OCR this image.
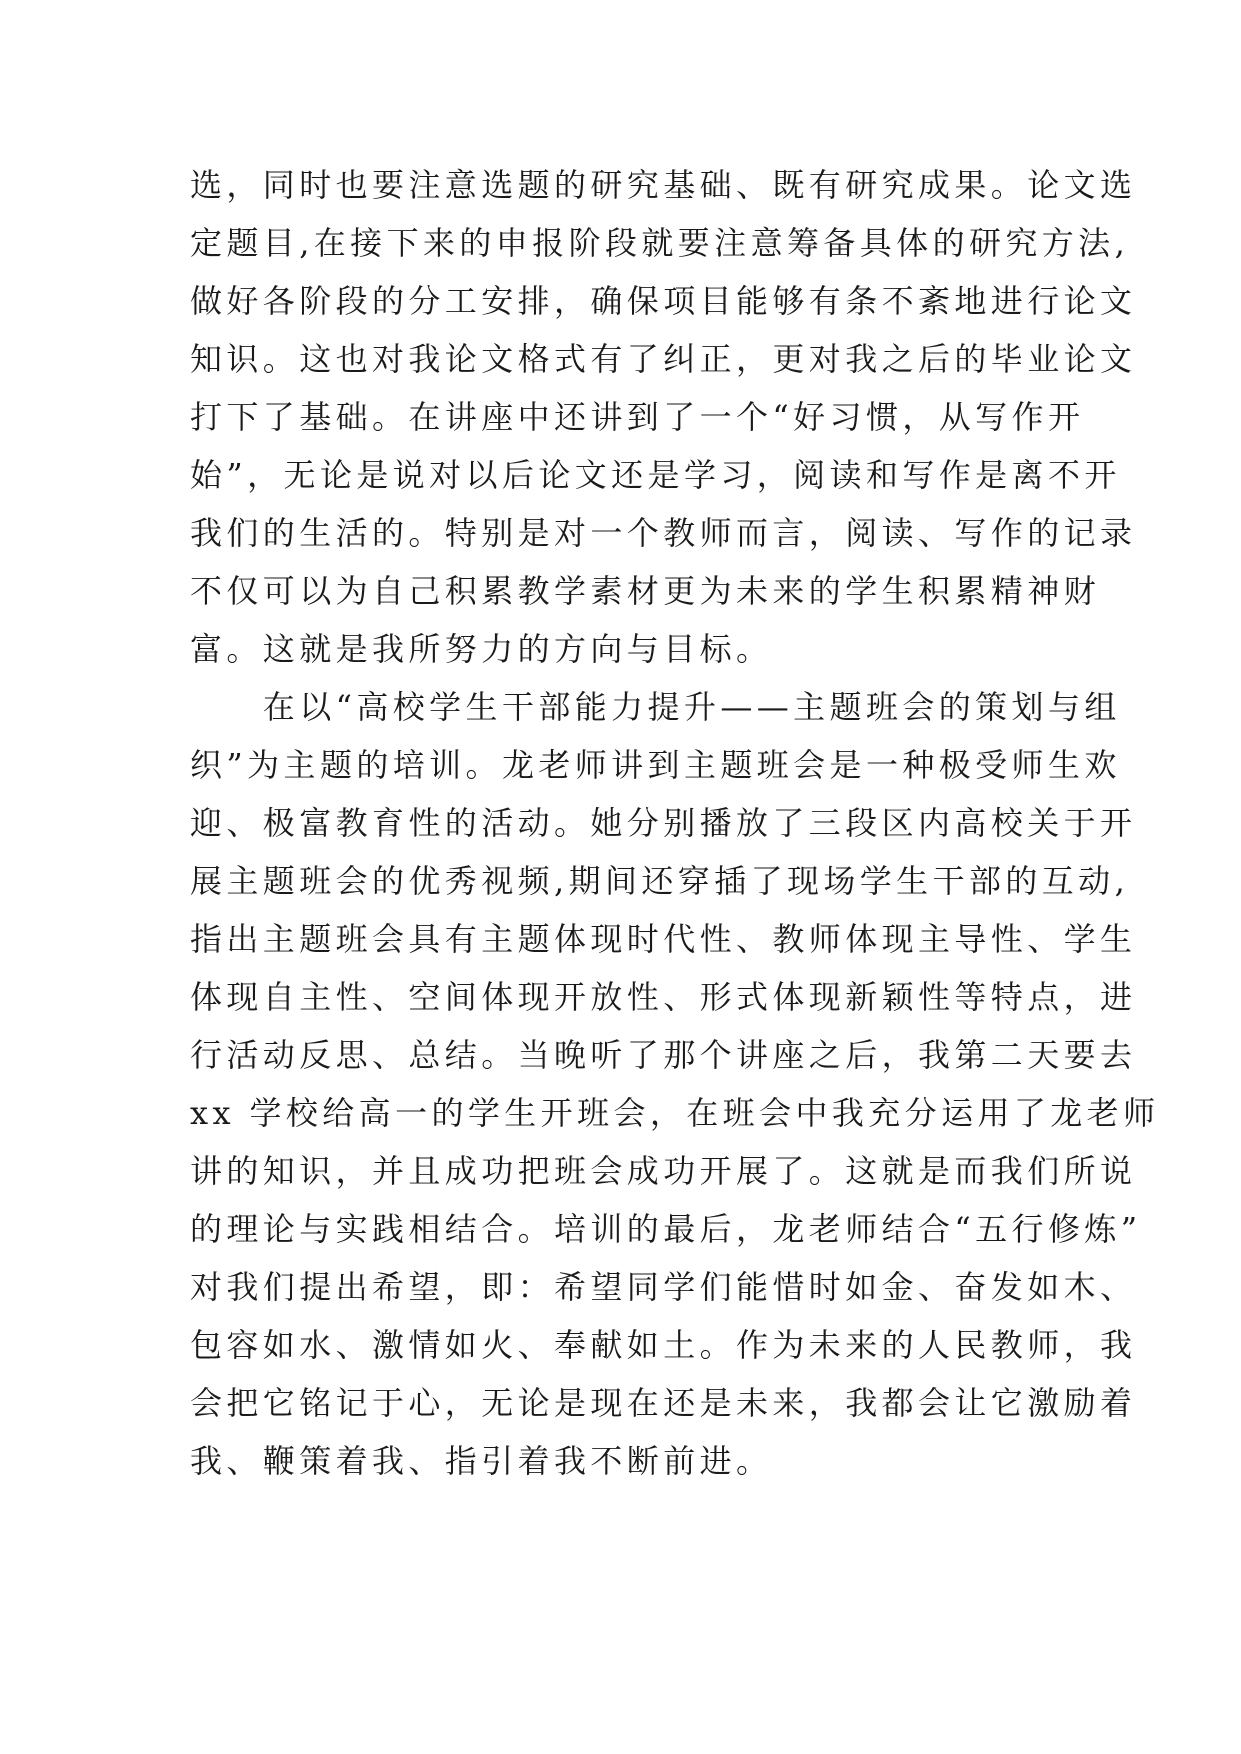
选，同时也要注意选题的研究基础、既有研究成果。论文选
定题目,在接下来的申报阶段就要注意筹备具体的研究方法,
做好各阶段的分工安排，确保项目能够有条不紊地进行论文
知识。这也对我论文格式有了纠正，更对我之后的毕业论文
打下了基础。在讲座中还讲到了一个“好习惯，从写作开
始”，无论是说对以后论文还是学习，阅读和写作是离不开
我们的生活的。特别是对一个教师而言，阅读、写作的记录
不仅可以为自己积累教学素材更为未来的学生积累精神财
富。这就是我所努力的方向与目标。
　　在以“高校学生干部能力提升——主题班会的策划与组
织”为主题的培训。龙老师讲到主题班会是一种极受师生欢
迎、极富教育性的活动。她分别播放了三段区内高校关于开
展主题班会的优秀视频,期间还穿插了现场学生干部的互动,
指出主题班会具有主题体现时代性、教师体现主导性、学生
体现自主性、空间体现开放性、形式体现新颖性等特点，进
行活动反思、总结。当晚听了那个讲座之后，我第二天要去
xx 学校给高一的学生开班会，在班会中我充分运用了龙老师
讲的知识，并且成功把班会成功开展了。这就是而我们所说
的理论与实践相结合。培训的最后，龙老师结合“五行修炼”
对我们提出希望，即：希望同学们能惜时如金、奋发如木、
包容如水、激情如火、奉献如土。作为未来的人民教师，我
会把它铭记于心，无论是现在还是未来，我都会让它激励着
我、鞭策着我、指引着我不断前进。
